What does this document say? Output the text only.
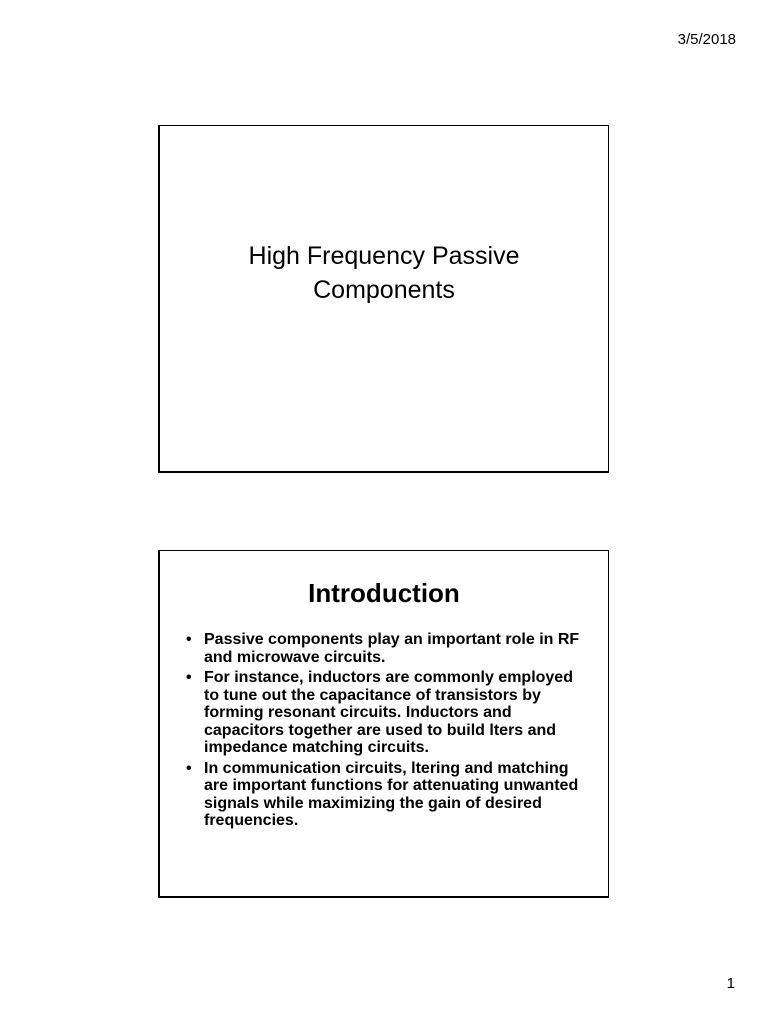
3/5/2018
High Frequency Passive Components
Introduction
• Passive components play an important role in RF and microwave circuits.
• For instance, inductors are commonly employed to tune out the capacitance of transistors by forming resonant circuits. Inductors and capacitors together are used to build lters and impedance matching circuits.
• In communication circuits, ltering and matching are important functions for attenuating unwanted signals while maximizing the gain of desired frequencies.
1
